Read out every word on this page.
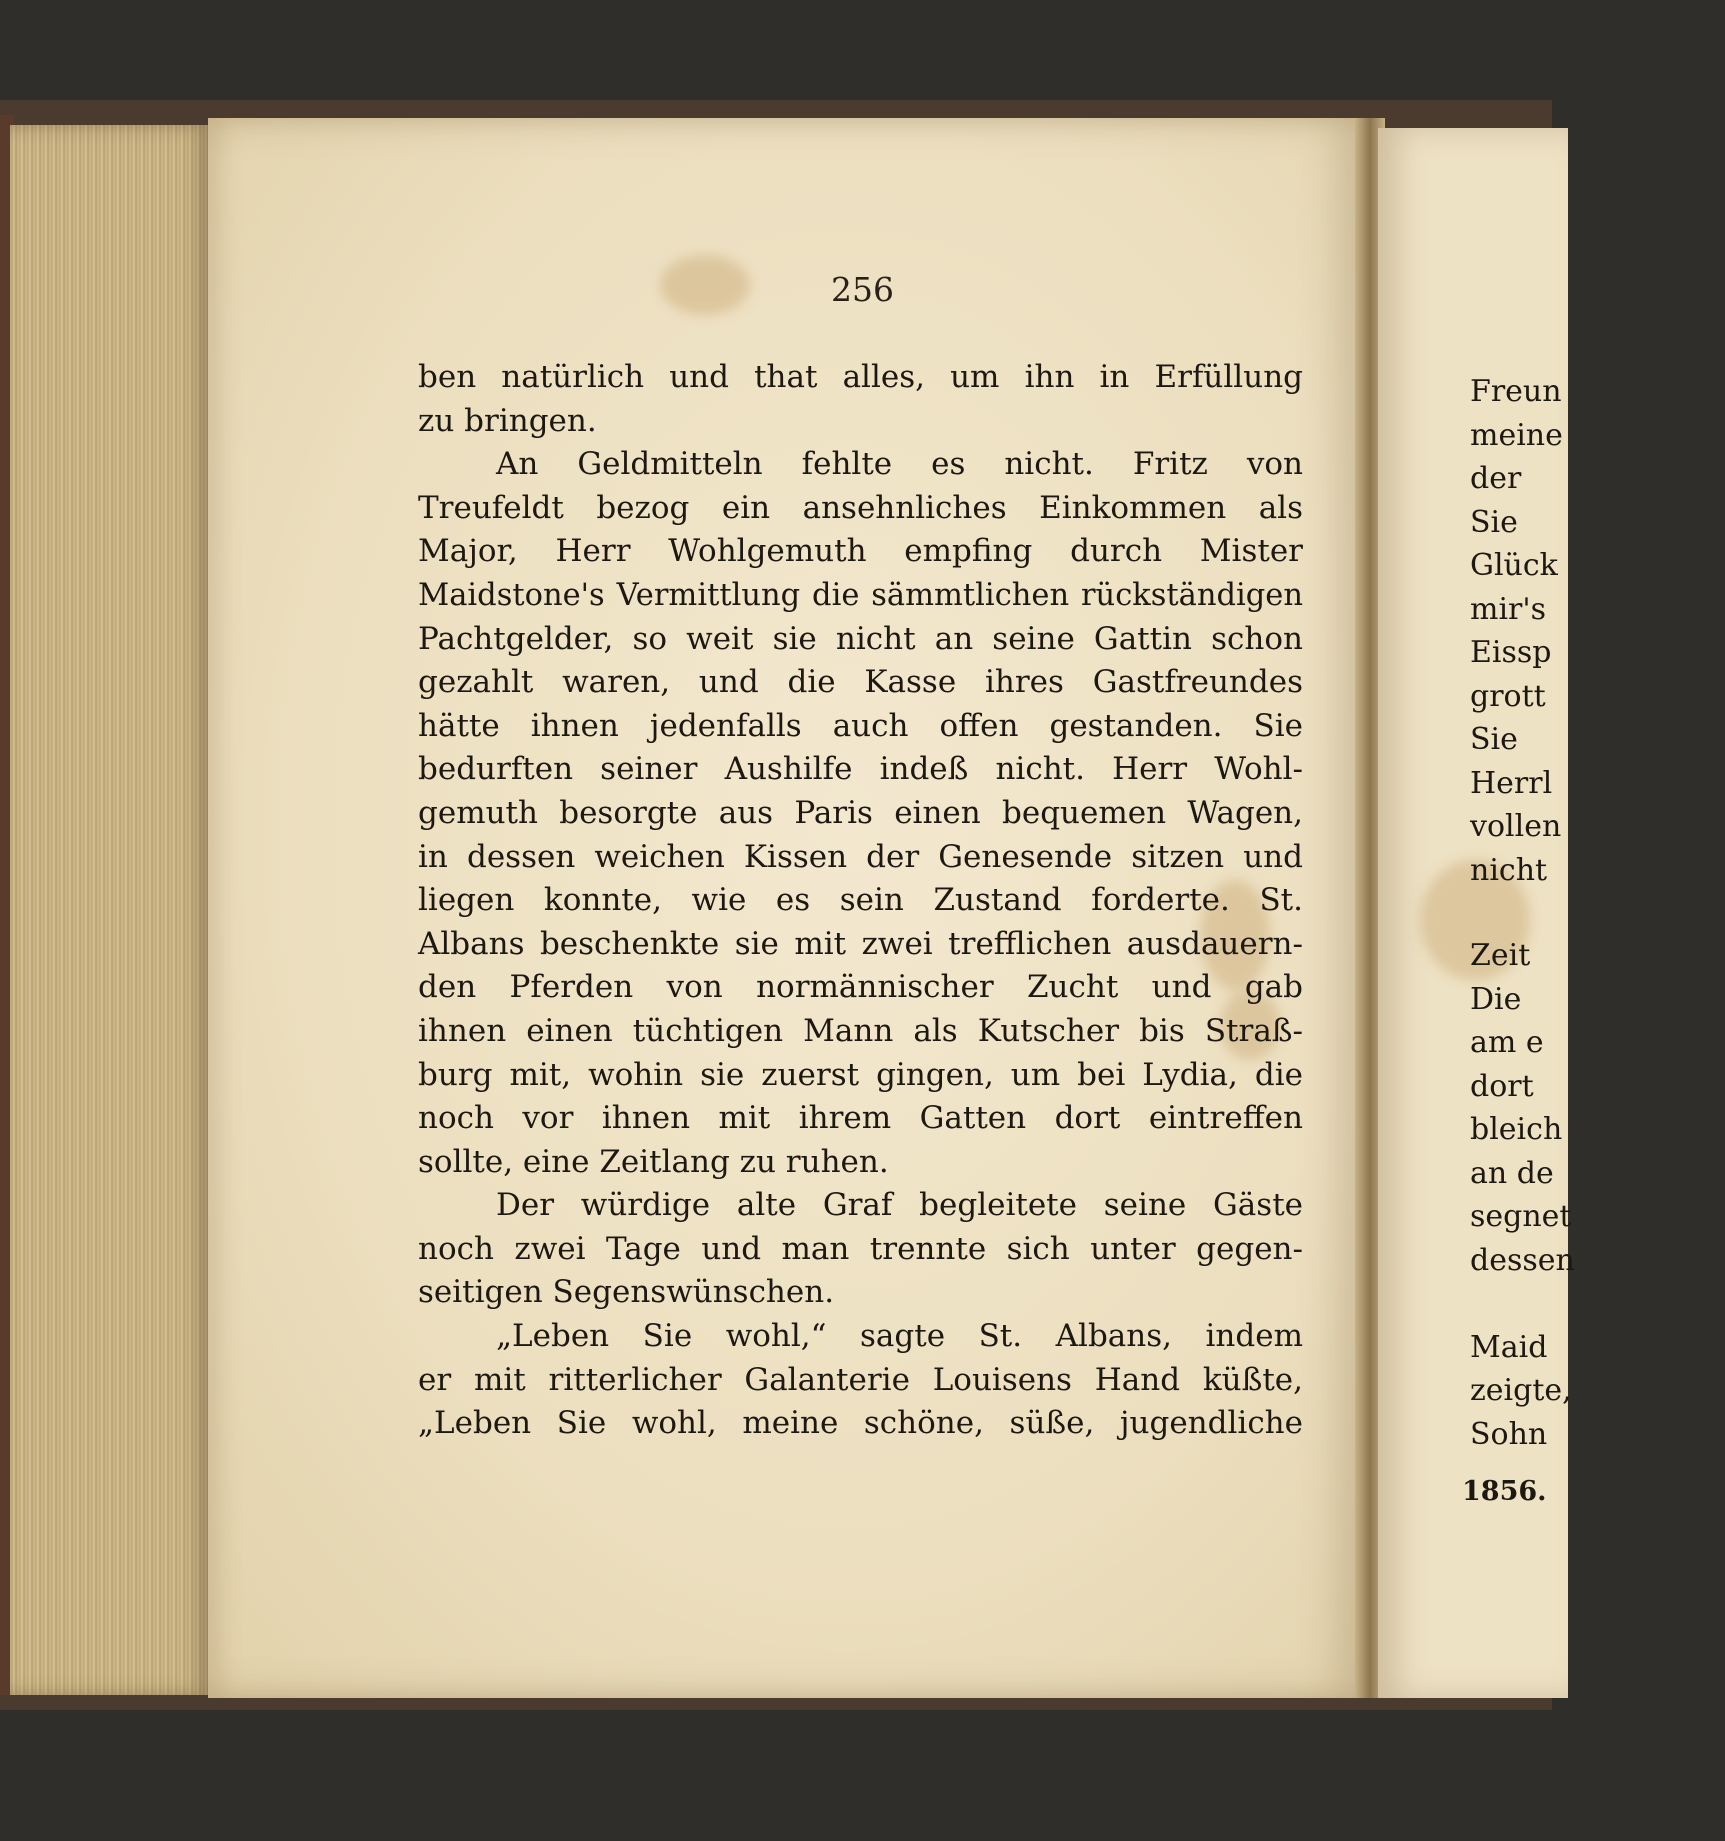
256
ben natürlich und that alles, um ihn in Erfüllung
zu bringen.
An Geldmitteln fehlte es nicht. Fritz von
Treufeldt bezog ein ansehnliches Einkommen als
Major, Herr Wohlgemuth empfing durch Mister
Maidstone's Vermittlung die sämmtlichen rückständigen
Pachtgelder, so weit sie nicht an seine Gattin schon
gezahlt waren, und die Kasse ihres Gastfreundes
hätte ihnen jedenfalls auch offen gestanden. Sie
bedurften seiner Aushilfe indeß nicht. Herr Wohl-
gemuth besorgte aus Paris einen bequemen Wagen,
in dessen weichen Kissen der Genesende sitzen und
liegen konnte, wie es sein Zustand forderte. St.
Albans beschenkte sie mit zwei trefflichen ausdauern-
den Pferden von normännischer Zucht und gab
ihnen einen tüchtigen Mann als Kutscher bis Straß-
burg mit, wohin sie zuerst gingen, um bei Lydia, die
noch vor ihnen mit ihrem Gatten dort eintreffen
sollte, eine Zeitlang zu ruhen.
Der würdige alte Graf begleitete seine Gäste
noch zwei Tage und man trennte sich unter gegen-
seitigen Segenswünschen.
„Leben Sie wohl,“ sagte St. Albans, indem
er mit ritterlicher Galanterie Louisens Hand küßte,
„Leben Sie wohl, meine schöne, süße, jugendliche
Freun
meine
der
Sie
Glück
mir's
Eissp
grott
Sie
Herrl
vollen
nicht
Zeit
Die
am e
dort
bleich
an de
segnet
dessen
Maid
zeigte,
Sohn
1856.
